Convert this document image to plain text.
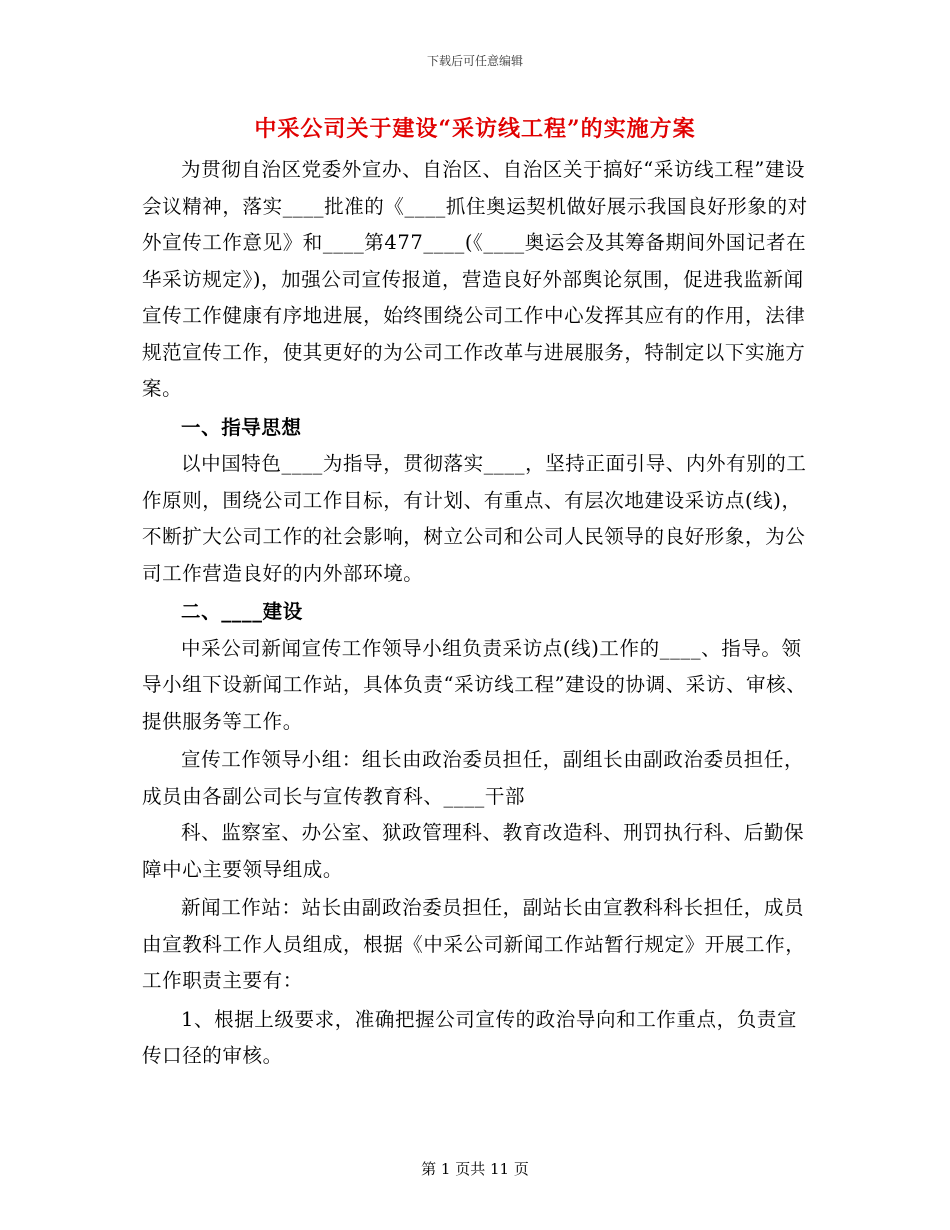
下载后可任意编辑
中采公司关于建设“采访线工程”的实施方案

为贯彻自治区党委外宣办、自治区、自治区关于搞好“采访线工程”建设会议精神，落实____批准的《____抓住奥运契机做好展示我国良好形象的对外宣传工作意见》和____第477____(《____奥运会及其筹备期间外国记者在华采访规定》)，加强公司宣传报道，营造良好外部舆论氛围，促进我监新闻宣传工作健康有序地进展，始终围绕公司工作中心发挥其应有的作用，法律规范宣传工作，使其更好的为公司工作改革与进展服务，特制定以下实施方案。

一、指导思想

以中国特色____为指导，贯彻落实____，坚持正面引导、内外有别的工作原则，围绕公司工作目标，有计划、有重点、有层次地建设采访点(线)，不断扩大公司工作的社会影响，树立公司和公司人民领导的良好形象，为公司工作营造良好的内外部环境。

二、____建设

中采公司新闻宣传工作领导小组负责采访点(线)工作的____、指导。领导小组下设新闻工作站，具体负责“采访线工程”建设的协调、采访、审核、提供服务等工作。

宣传工作领导小组：组长由政治委员担任，副组长由副政治委员担任，成员由各副公司长与宣传教育科、____干部

科、监察室、办公室、狱政管理科、教育改造科、刑罚执行科、后勤保障中心主要领导组成。

新闻工作站：站长由副政治委员担任，副站长由宣教科科长担任，成员由宣教科工作人员组成，根据《中采公司新闻工作站暂行规定》开展工作，工作职责主要有：

1、根据上级要求，准确把握公司宣传的政治导向和工作重点，负责宣传口径的审核。

第 1 页共 11 页
